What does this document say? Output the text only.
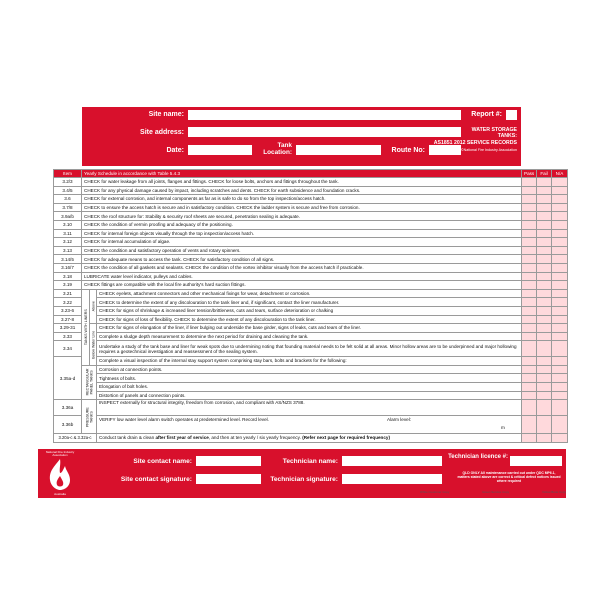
Site name:	Report #:
Site address:
Date:
Tank
Location:	Route No:
WATER STORAGE
TANKS:
AS1851 2012 SERVICE RECORDS
©National Fire Industry Association
Item	Yearly Schedule in accordance with Table 5.4.3			Pass	Fail	N/A
3.2/3	CHECK for water leakage from all joints, flanges and fittings. CHECK for loose bolts, anchors and fittings throughout the tank.					
3.4/5	CHECK for any physical damage caused by impact, including scratches and dents. CHECK for earth subsidence and foundation cracks.					
3.6	CHECK for external corrosion, and internal components as far as is safe to do so from the top inspection/access hatch.					
3.7/8	CHECK to ensure the access hatch is secure and in satisfactory condition. CHECK the ladder system is secure and free from corrosion.					
3.9a/b	CHECK the roof structure for: Stability & security roof sheets are secured, penetration sealing is adequate.					
3.10	CHECK the condition of vermin proofing and adequacy of the positioning.					
3.11	CHECK for internal foreign objects visually through the top inspection/access hatch.					
3.12	CHECK for internal accumulation of algae.					
3.13	CHECK the condition and satisfactory operation of vents and rotary spinners.					
3.14/5	CHECK for adequate means to access the tank. CHECK for satisfactory condition of all signs.					
3.16/7	CHECK the condition of all gaskets and sealants. CHECK the condition of the vortex inhibitor visually from the access hatch if practicable.					
3.18	LUBRICATE water level indicator, pulleys and cables.					
3.19	CHECK fittings are compatible with the local fire authority's hard suction fittings.					
3.21	TANKS WITH LINERS	Above	CHECK eyelets, attachment connectors and other mechanical fixings for wear, detachment or corrosion.			
3.22			CHECK to determine the extent of any discolouration to the tank liner and, if significant, contact the liner manufacturer.			
3.23-6			CHECK for signs of shrinkage & increased liner tension/brittleness, cuts and tears, surface deterioration or chalking			
3.27-8			CHECK for signs of loss of flexibility. CHECK to determine the extent of any discolouration to the tank liner.			
3.29-31		Below Water Line	CHECK for signs of elongation of the liner, if liner bulging out underside the base girder, signs of leaks, cuts and tears of the liner.			
3.33			Complete a sludge depth measurement to determine the next period for draining and cleaning the tank.			
3.34			Undertake a study of the tank base and liner for weak spots due to undermining noting that founding material needs to be felt solid at all areas. Minor hollow areas are to be underpinned and major hollowing requires a geotechnical investigation and reassessment of the sealing system.			
3.35a-d			Complete a visual inspection of the internal stay support system comprising stay bars, bolts and brackets for the following:			
	RECTANGULAR PANEL TANKS		Corrosion at connection points.			
			Tightness of bolts.			
			Elongation of bolt holes.			
			Distortion of panels and connection points.			
3.36a	PRESSURE TANKS		INSPECT externally for structural integrity, freedom from corrosion, and compliant with AS/NZS 3788.			
3.36b			VERIFY low water level alarm switch operates at predetermined level. Record level. Alarm level:
m			

3.20a-c & 3.32a-c			Conduct tank drain & clean after first year of service, and then at ten yearly / six yearly frequency. (Refer next page for required frequency)			
National Fire Industry Association
Australia
Site contact name:	Technician name:
Technician licence #:
Site contact signature:	Technician signature:
QLD ONLY All maintenance carried out under QDC MP6.1, matters stated above are correct & critical defect notices issued where required
White Customer Copy	Green Service Copy	Yellow Book Copy
